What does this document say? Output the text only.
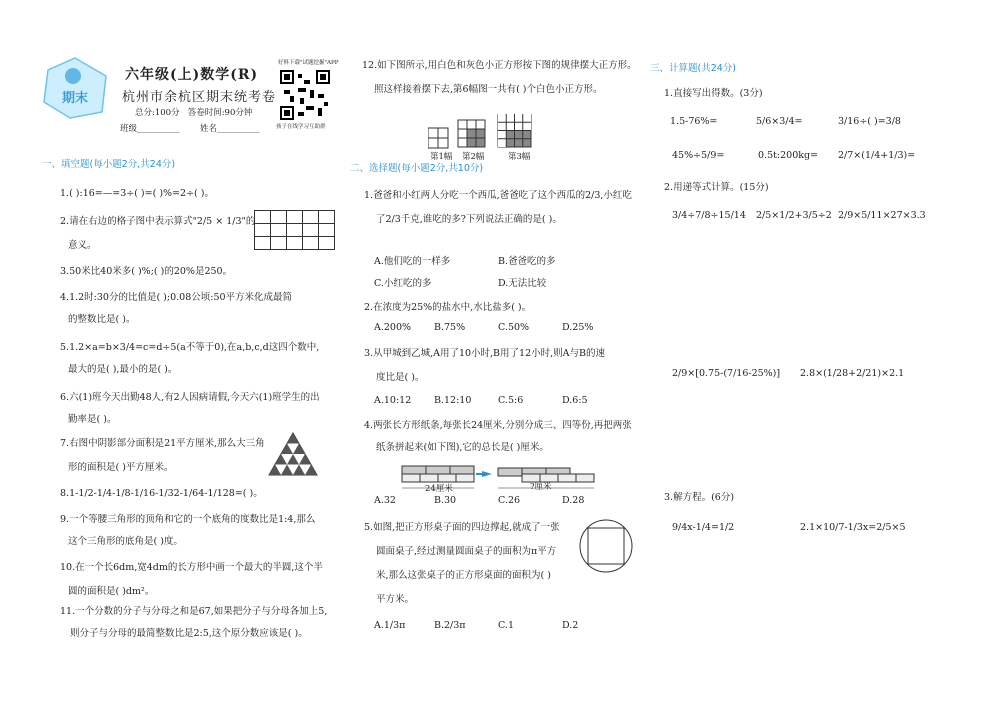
期末
六年级(上)数学(R)
杭州市余杭区期末统考卷
总分:100分   答卷时间:90分钟
班级__________ 姓名__________
好料下载"试题挖掘"APP
孩子在线学习互助群
一、填空题(每小题2分,共24分)

12.如下图所示,用白色和灰色小正方形按下图的规律摆大正方形。
照这样接着摆下去,第6幅图一共有( )个白色小正方形。
第1幅 第2幅	第3幅
二、选择题(每小题2分,共10分)
24厘米	?厘米
三、计算题(共24分)
1.直接写出得数。(3分)
2.用递等式计算。(15分)
3.解方程。(6分)
1.( ):16=—=3÷( )=( )%=2÷( )。
2.请在右边的格子图中表示算式"2/5 × 1/3"的
意义。
3.50米比40米多( )%;( )的20%是250。
4.1.2时:30分的比值是( );0.08公顷:50平方米化成最简
的整数比是( )。
5.1.2×a=b×3/4=c=d÷5(a不等于0),在a,b,c,d这四个数中,
最大的是( ),最小的是( )。
6.六(1)班今天出勤48人,有2人因病请假,今天六(1)班学生的出
勤率是( )。
7.右图中阴影部分面积是21平方厘米,那么大三角
形的面积是( )平方厘米。
8.1-1/2-1/4-1/8-1/16-1/32-1/64-1/128=( )。
9.一个等腰三角形的顶角和它的一个底角的度数比是1:4,那么
这个三角形的底角是( )度。
10.在一个长6dm,宽4dm的长方形中画一个最大的半圆,这个半
圆的面积是( )dm²。
11.一个分数的分子与分母之和是67,如果把分子与分母各加上5,
则分子与分母的最简整数比是2:5,这个原分数应该是( )。
1.爸爸和小红两人分吃一个西瓜,爸爸吃了这个西瓜的2/3,小红吃
了2/3千克,谁吃的多?下列说法正确的是( )。
2.在浓度为25%的盐水中,水比盐多( )。
3.从甲城到乙城,A用了10小时,B用了12小时,则A与B的速
度比是( )。
4.两张长方形纸条,每张长24厘米,分别分成三、四等份,再把两张
纸条拼起来(如下图),它的总长是( )厘米。
5.如图,把正方形桌子面的四边撑起,就成了一张
圆面桌子,经过测量圆面桌子的面积为π平方
米,那么这张桌子的正方形桌面的面积为( )
平方米。
A.他们吃的一样多	B.爸爸吃的多
C.小红吃的多	D.无法比较
A.200% B.75%	C.50%	D.25%
A.10:12 B.12:10	C.5:6	D.6:5
A.32	B.30	C.26	D.28
A.1/3π	B.2/3π	C.1	D.2
1.5-76%=	5/6×3/4=	3/16÷( )=3/8
45%÷5/9=	0.5t:200kg= 2/7×(1/4+1/3)=
3/4÷7/8÷15/14 2/5×1/2+3/5÷2 2/9×5/11×27×3.3
2/9×[0.75-(7/16-25%)] 2.8×(1/28+2/21)×2.1
9/4x-1/4=1/2	2.1×10/7-1/3x=2/5×5
